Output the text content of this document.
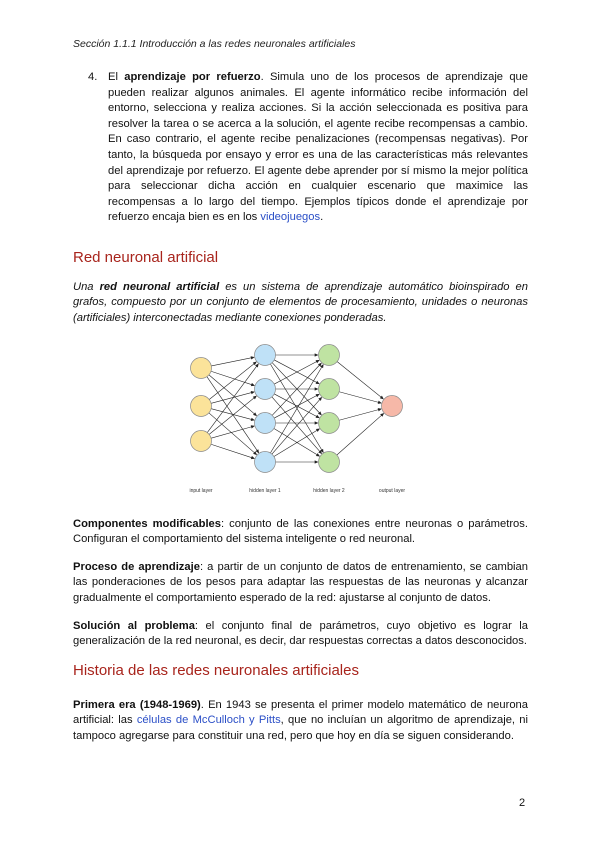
Sección 1.1.1 Introducción a las redes neuronales artificiales
4. El aprendizaje por refuerzo. Simula uno de los procesos de aprendizaje que pueden realizar algunos animales. El agente informático recibe información del entorno, selecciona y realiza acciones. Si la acción seleccionada es positiva para resolver la tarea o se acerca a la solución, el agente recibe recompensas a cambio. En caso contrario, el agente recibe penalizaciones (recompensas negativas). Por tanto, la búsqueda por ensayo y error es una de las características más relevantes del aprendizaje por refuerzo. El agente debe aprender por sí mismo la mejor política para seleccionar dicha acción en cualquier escenario que maximice las recompensas a lo largo del tiempo. Ejemplos típicos donde el aprendizaje por refuerzo encaja bien es en los videojuegos.
Red neuronal artificial
Una red neuronal artificial es un sistema de aprendizaje automático bioinspirado en grafos, compuesto por un conjunto de elementos de procesamiento, unidades o neuronas (artificiales) interconectadas mediante conexiones ponderadas.
input layer	hidden layer 1	hidden layer 2	output layer
Componentes modificables: conjunto de las conexiones entre neuronas o parámetros. Configuran el comportamiento del sistema inteligente o red neuronal.
Proceso de aprendizaje: a partir de un conjunto de datos de entrenamiento, se cambian las ponderaciones de los pesos para adaptar las respuestas de las neuronas y alcanzar gradualmente el comportamiento esperado de la red: ajustarse al conjunto de datos.
Solución al problema: el conjunto final de parámetros, cuyo objetivo es lograr la generalización de la red neuronal, es decir, dar respuestas correctas a datos desconocidos.
Historia de las redes neuronales artificiales
Primera era (1948-1969). En 1943 se presenta el primer modelo matemático de neurona artificial: las células de McCulloch y Pitts, que no incluían un algoritmo de aprendizaje, ni tampoco agregarse para constituir una red, pero que hoy en día se siguen considerando.
2
